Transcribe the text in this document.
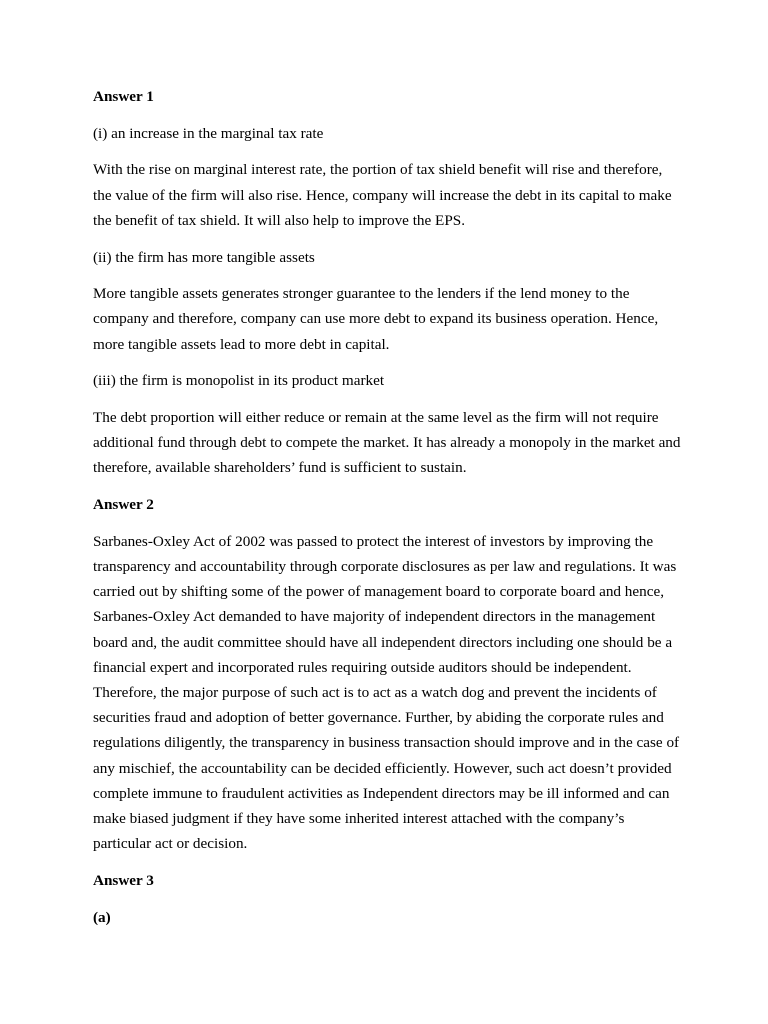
Answer 1
(i) an increase in the marginal tax rate
With the rise on marginal interest rate, the portion of tax shield benefit will rise and therefore, the value of the firm will also rise. Hence, company will increase the debt in its capital to make the benefit of tax shield. It will also help to improve the EPS.
(ii) the firm has more tangible assets
More tangible assets generates stronger guarantee to the lenders if the lend money to the company and therefore, company can use more debt to expand its business operation. Hence, more tangible assets lead to more debt in capital.
(iii) the firm is monopolist in its product market
The debt proportion will either reduce or remain at the same level as the firm will not require additional fund through debt to compete the market. It has already a monopoly in the market and therefore, available shareholders’ fund is sufficient to sustain.
Answer 2
Sarbanes-Oxley Act of 2002 was passed to protect the interest of investors by improving the transparency and accountability through corporate disclosures as per law and regulations. It was carried out by shifting some of the power of management board to corporate board and hence, Sarbanes-Oxley Act demanded to have majority of independent directors in the management board and, the audit committee should have all independent directors including one should be a financial expert and incorporated rules requiring outside auditors should be independent. Therefore, the major purpose of such act is to act as a watch dog and prevent the incidents of securities fraud and adoption of better governance. Further, by abiding the corporate rules and regulations diligently, the transparency in business transaction should improve and in the case of any mischief, the accountability can be decided efficiently. However, such act doesn’t provided complete immune to fraudulent activities as Independent directors may be ill informed and can make biased judgment if they have some inherited interest attached with the company’s particular act or decision.
Answer 3
(a)
